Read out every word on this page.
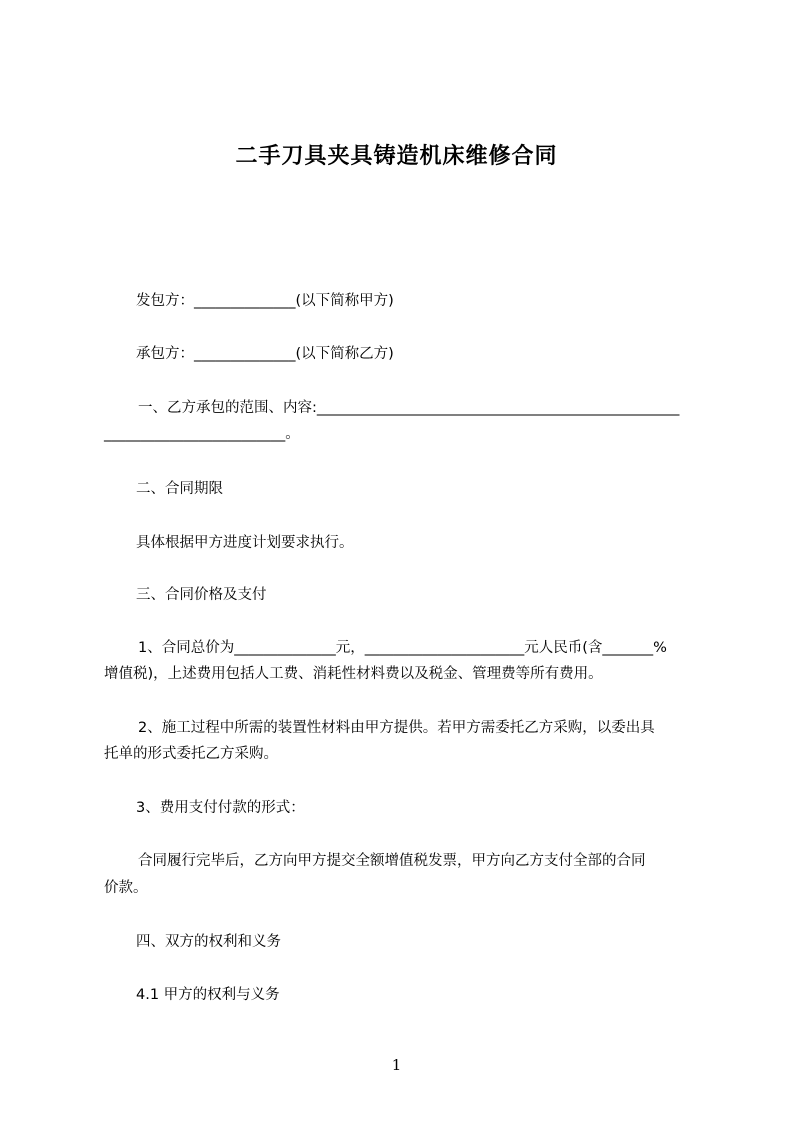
二手刀具夹具铸造机床维修合同
发包方：______________(以下简称甲方)
承包方：______________(以下简称乙方)
一、乙方承包的范围、内容:__________________________________________________
_________________________。
二、合同期限
具体根据甲方进度计划要求执行。
三、合同价格及支付
1、合同总价为______________元，______________________元人民币(含_______%
增值税)，上述费用包括人工费、消耗性材料费以及税金、管理费等所有费用。
2、施工过程中所需的装置性材料由甲方提供。若甲方需委托乙方采购，以委出具
托单的形式委托乙方采购。
3、费用支付付款的形式：
合同履行完毕后，乙方向甲方提交全额增值税发票，甲方向乙方支付全部的合同
价款。
四、双方的权利和义务
4.1 甲方的权利与义务
1
